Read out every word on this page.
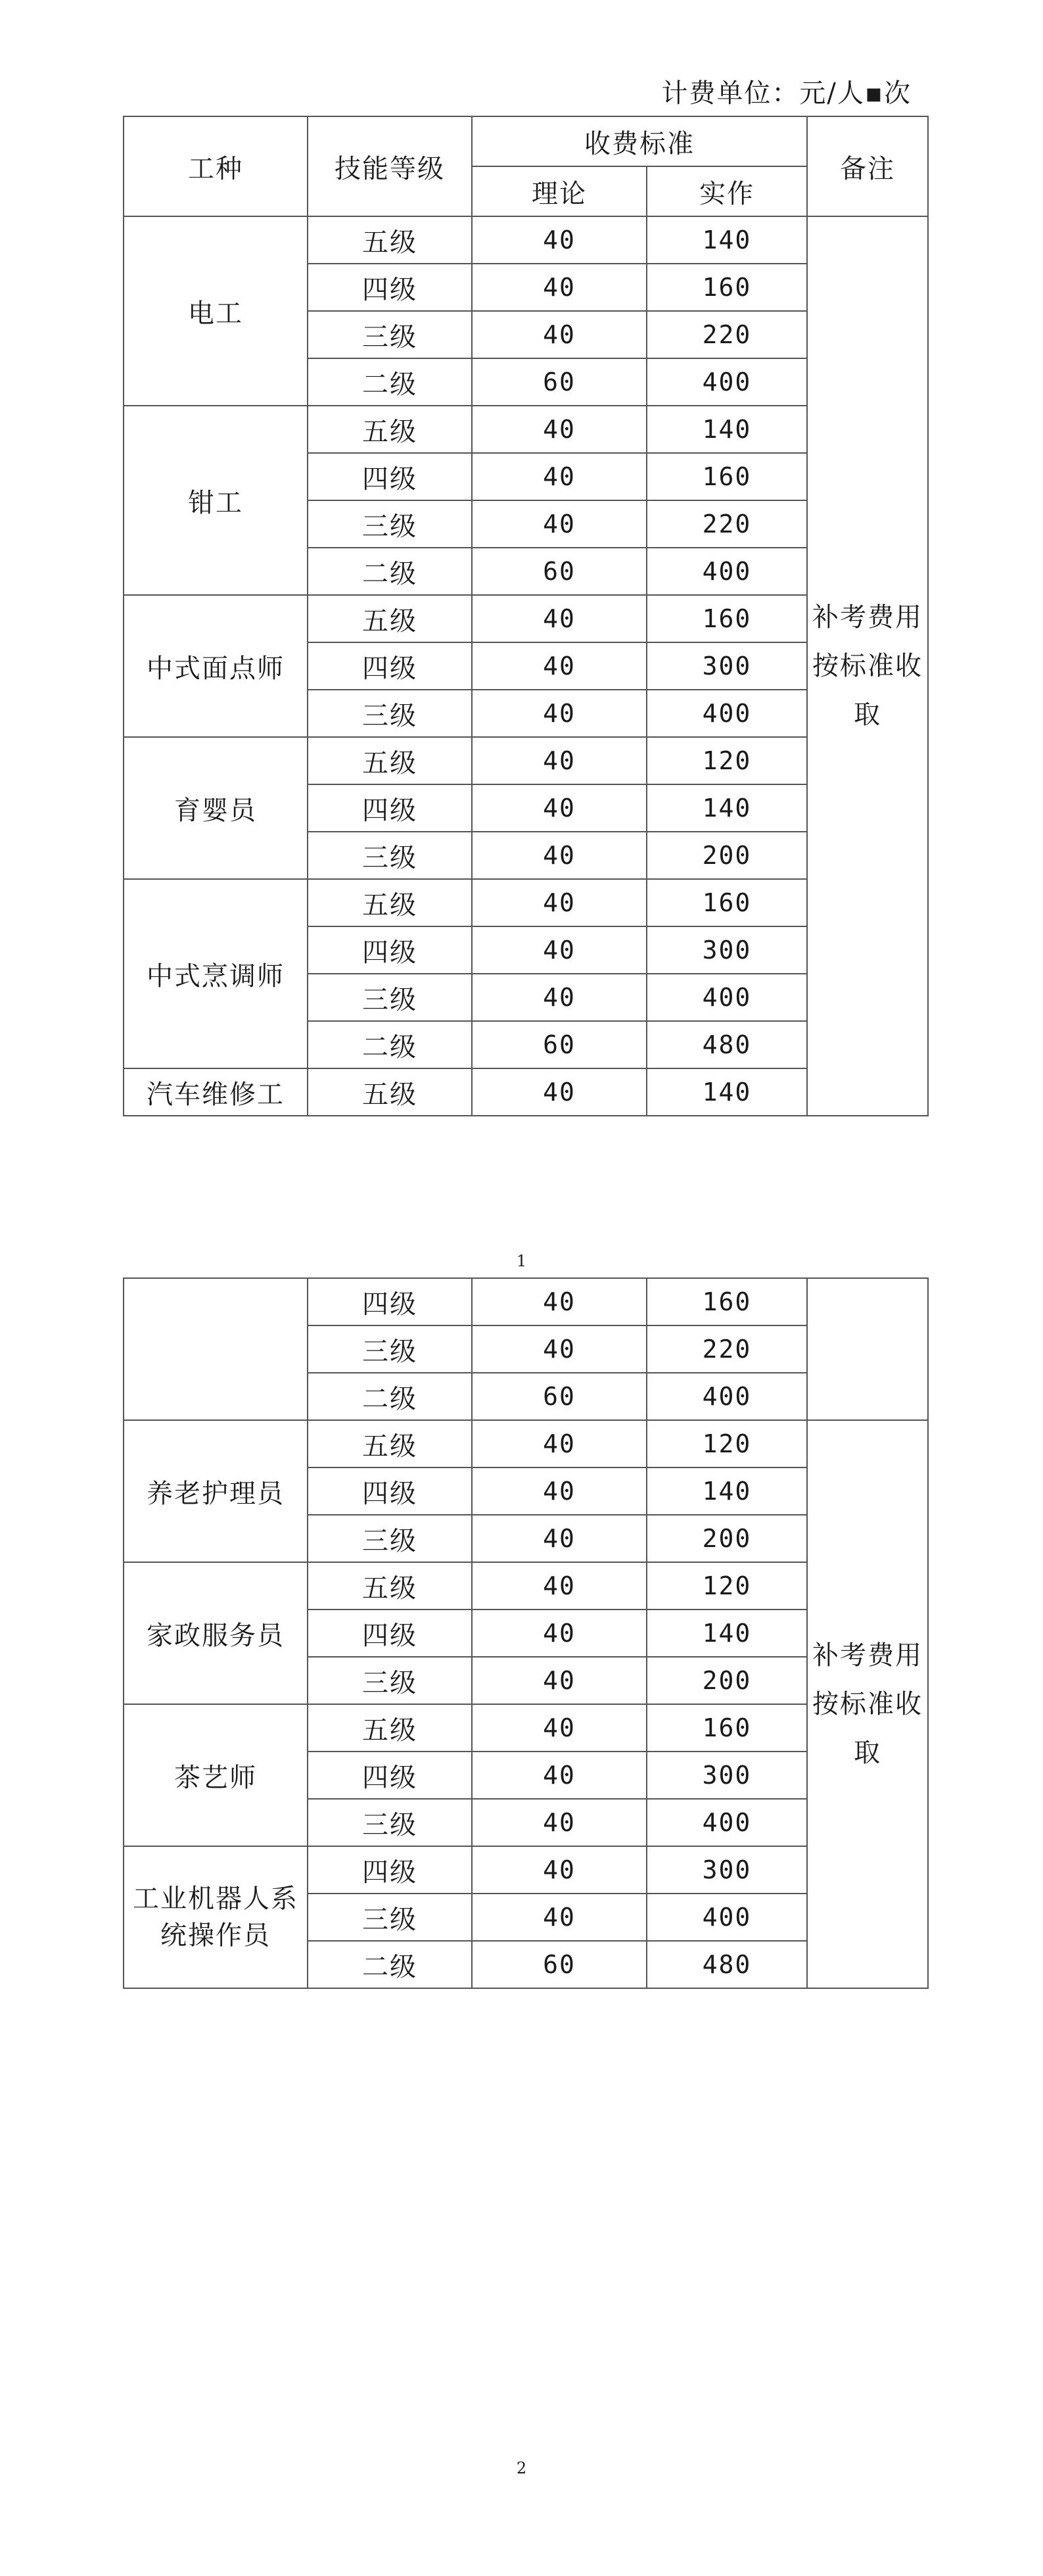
计费单位：元/人▪次
工种	技能等级	收费标准		备注
		理论	实作	
电工	五级	40	140	补考费用按标准收取
	四级	40	160	
	三级	40	220	
	二级	60	400	
钳工	五级	40	140	
	四级	40	160	
	三级	40	220	
	二级	60	400	
中式面点师	五级	40	160	
	四级	40	300	
	三级	40	400	
育婴员	五级	40	120	
	四级	40	140	
	三级	40	200	
中式烹调师	五级	40	160	
	四级	40	300	
	三级	40	400	
	二级	60	480	
汽车维修工	五级	40	140	
1
	四级	40	160	
	三级	40	220	
	二级	60	400	
养老护理员	五级	40	120	补考费用按标准收取
	四级	40	140	
	三级	40	200	
家政服务员	五级	40	120	
	四级	40	140	
	三级	40	200	
茶艺师	五级	40	160	
	四级	40	300	
	三级	40	400	
工业机器人系统操作员	四级	40	300	
	三级	40	400	
	二级	60	480	
2
